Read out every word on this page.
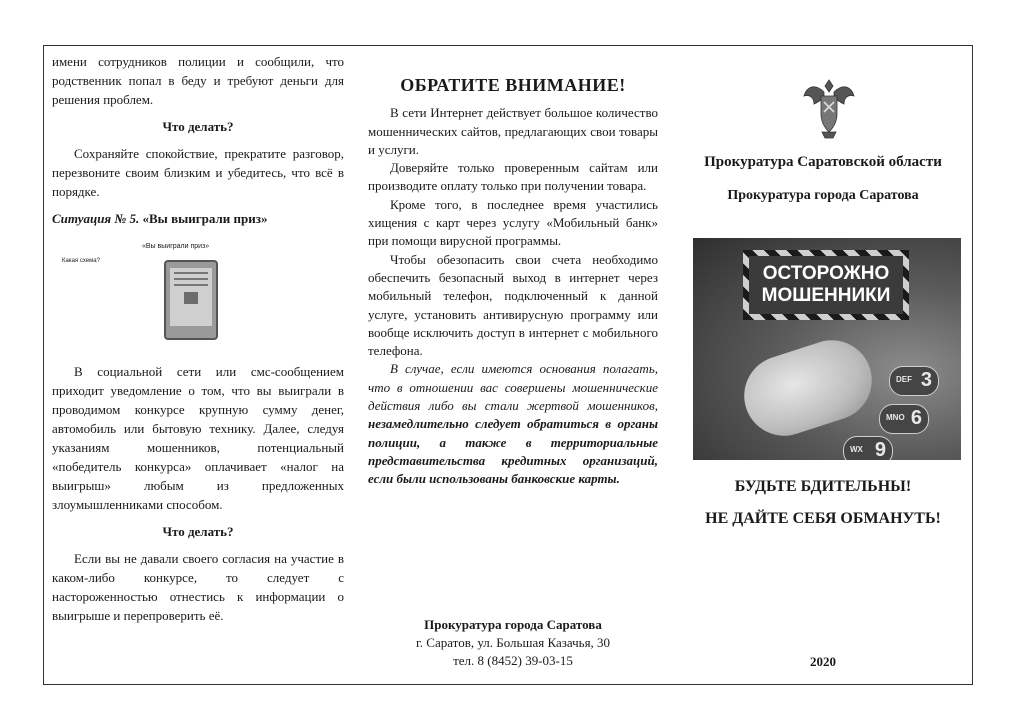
имени сотрудников полиции и сообщили, что родственник попал в беду и требуют деньги для решения проблем.

Что делать?

Сохраняйте спокойствие, прекратите разговор, перезвоните своим близким и убедитесь, что всё в порядке.

Ситуация № 5. «Вы выиграли приз»

«Вы выиграли приз»
Какая схема?

В социальной сети или смс-сообщением приходит уведомление о том, что вы выиграли в проводимом конкурсе крупную сумму денег, автомобиль или бытовую технику. Далее, следуя указаниям мошенников, потенциальный «победитель конкурса» оплачивает «налог на выигрыш» любым из предложенных злоумышленниками способом.

Что делать?

Если вы не давали своего согласия на участие в каком-либо конкурсе, то следует с настороженностью отнестись к информации о выигрыше и перепроверить её.

ОБРАТИТЕ ВНИМАНИЕ!

В сети Интернет действует большое количество мошеннических сайтов, предлагающих свои товары и услуги.

Доверяйте только проверенным сайтам или производите оплату только при получении товара.

Кроме того, в последнее время участились хищения с карт через услугу «Мобильный банк» при помощи вирусной программы.

Чтобы обезопасить свои счета необходимо обеспечить безопасный выход в интернет через мобильный телефон, подключенный к данной услуге, установить антивирусную программу или вообще исключить доступ в интернет с мобильного телефона.

В случае, если имеются основания полагать, что в отношении вас совершены мошеннические действия либо вы стали жертвой мошенников, незамедлительно следует обратиться в органы полиции, а также в территориальные представительства кредитных организаций, если были использованы банковские карты.

Прокуратура города Саратова
г. Саратов, ул. Большая Казачья, 30
тел. 8 (8452) 39-03-15
Прокуратура Саратовской области
Прокуратура города Саратова
DEF 3
MNO 6
WX 9
ОСТОРОЖНО
МОШЕННИКИ
БУДЬТЕ БДИТЕЛЬНЫ!
НЕ ДАЙТЕ СЕБЯ ОБМАНУТЬ!
2020
